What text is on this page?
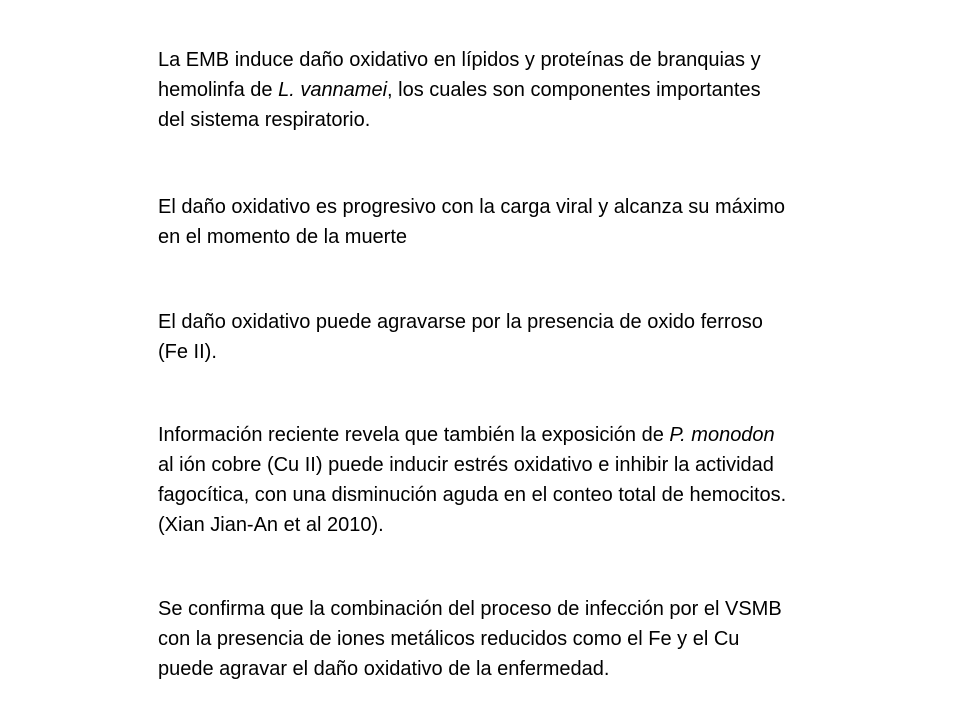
La EMB induce daño oxidativo en lípidos y proteínas de branquias y hemolinfa de L. vannamei, los cuales son componentes importantes del sistema respiratorio.

El daño oxidativo es progresivo con la carga viral y alcanza su máximo en el momento de la muerte

El daño oxidativo puede agravarse por la presencia de oxido ferroso (Fe II).

Información reciente revela que también la exposición de P. monodon al ión cobre (Cu II) puede inducir estrés oxidativo e inhibir la actividad fagocítica, con una disminución aguda en el conteo total de hemocitos. (Xian Jian-An et al 2010).

Se confirma que la combinación del proceso de infección por el VSMB con la presencia de iones metálicos reducidos como el Fe y el Cu puede agravar el daño oxidativo de la enfermedad.
